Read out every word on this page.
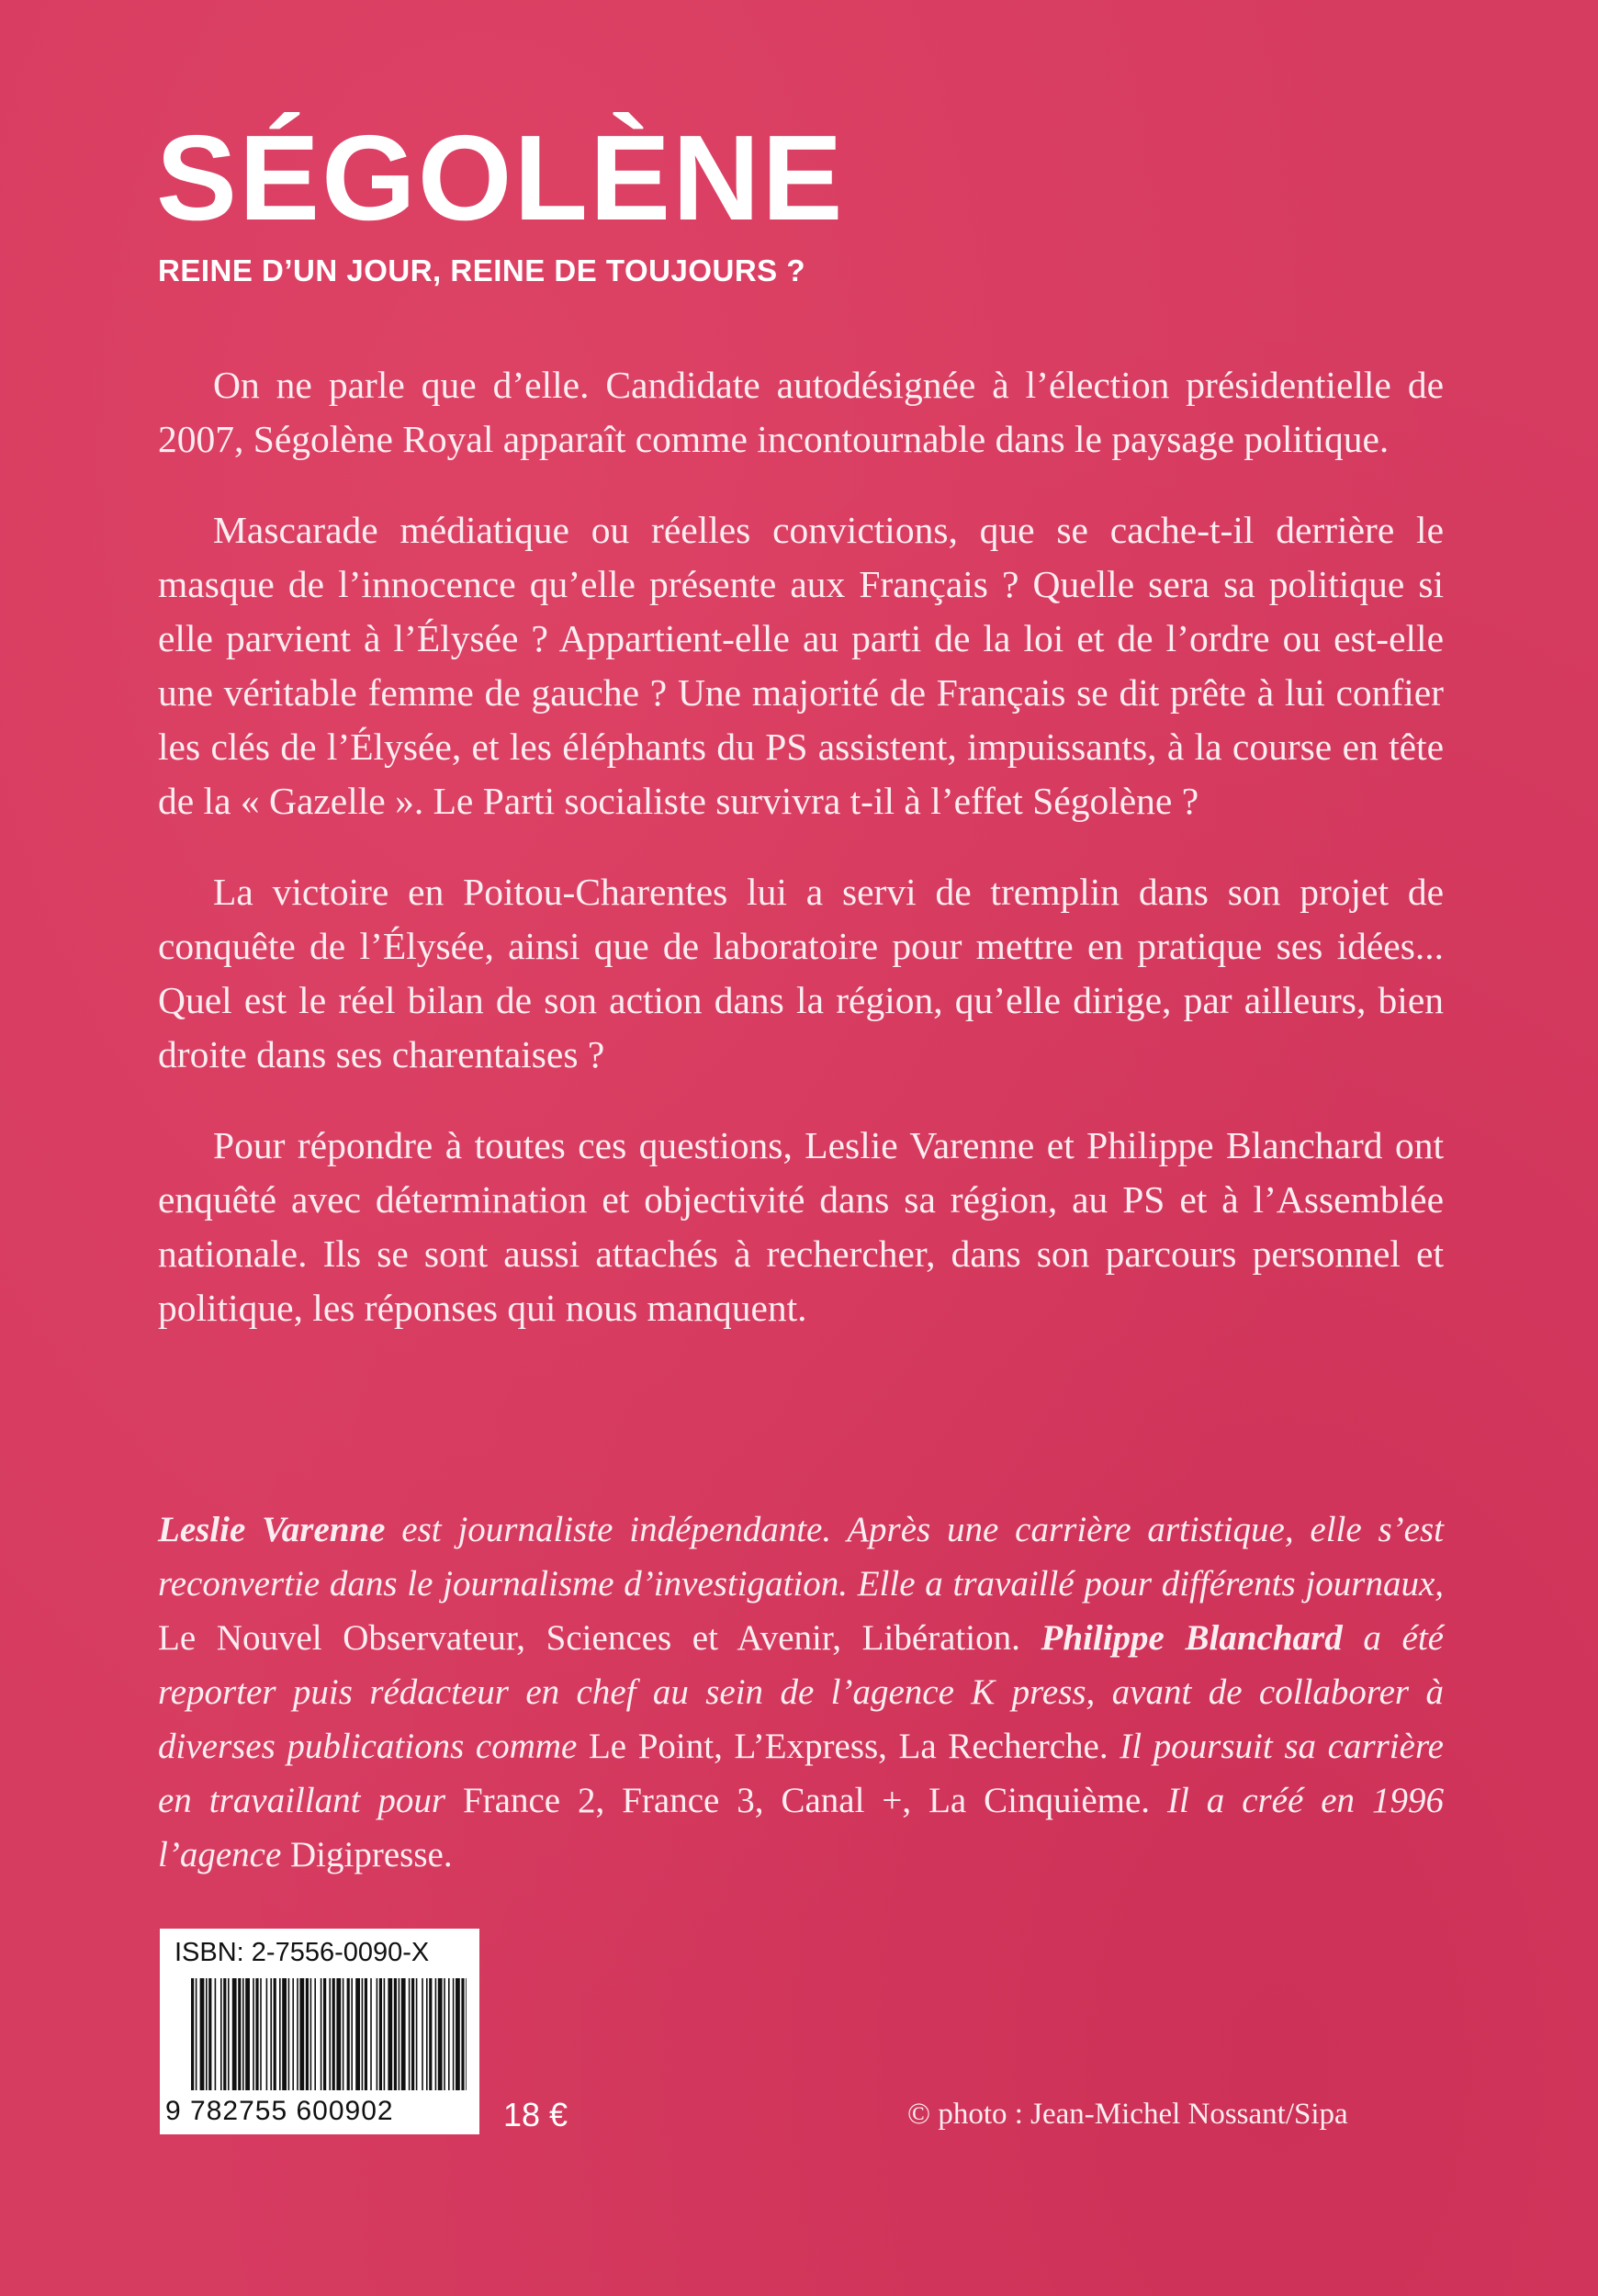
SÉGOLÈNE
REINE D’UN JOUR, REINE DE TOUJOURS ?

On ne parle que d’elle. Candidate autodésignée à l’élection présidentielle de 2007, Ségolène Royal apparaît comme incontournable dans le paysage politique.

Mascarade médiatique ou réelles convictions, que se cache-t-il derrière le masque de l’innocence qu’elle présente aux Français ? Quelle sera sa politique si elle parvient à l’Élysée ? Appartient-elle au parti de la loi et de l’ordre ou est-elle une véritable femme de gauche ? Une majorité de Français se dit prête à lui confier les clés de l’Élysée, et les éléphants du PS assistent, impuissants, à la course en tête de la « Gazelle ». Le Parti socialiste survivra t-il à l’effet Ségolène ?

La victoire en Poitou-Charentes lui a servi de tremplin dans son projet de conquête de l’Élysée, ainsi que de laboratoire pour mettre en pratique ses idées... Quel est le réel bilan de son action dans la région, qu’elle dirige, par ailleurs, bien droite dans ses charentaises ?

Pour répondre à toutes ces questions, Leslie Varenne et Philippe Blanchard ont enquêté avec détermination et objectivité dans sa région, au PS et à l’Assemblée nationale. Ils se sont aussi attachés à rechercher, dans son parcours personnel et politique, les réponses qui nous manquent.

Leslie Varenne est journaliste indépendante. Après une carrière artistique, elle s’est reconvertie dans le journalisme d’investigation. Elle a travaillé pour différents journaux, Le Nouvel Observateur, Sciences et Avenir, Libération. Philippe Blanchard a été reporter puis rédacteur en chef au sein de l’agence K press, avant de collaborer à diverses publications comme Le Point, L’Express, La Recherche. Il poursuit sa carrière en travaillant pour France 2, France 3, Canal +, La Cinquième. Il a créé en 1996 l’agence Digipresse.

ISBN: 2-7556-0090-X
9 782755 600902	18 €	© photo : Jean-Michel Nossant/Sipa
